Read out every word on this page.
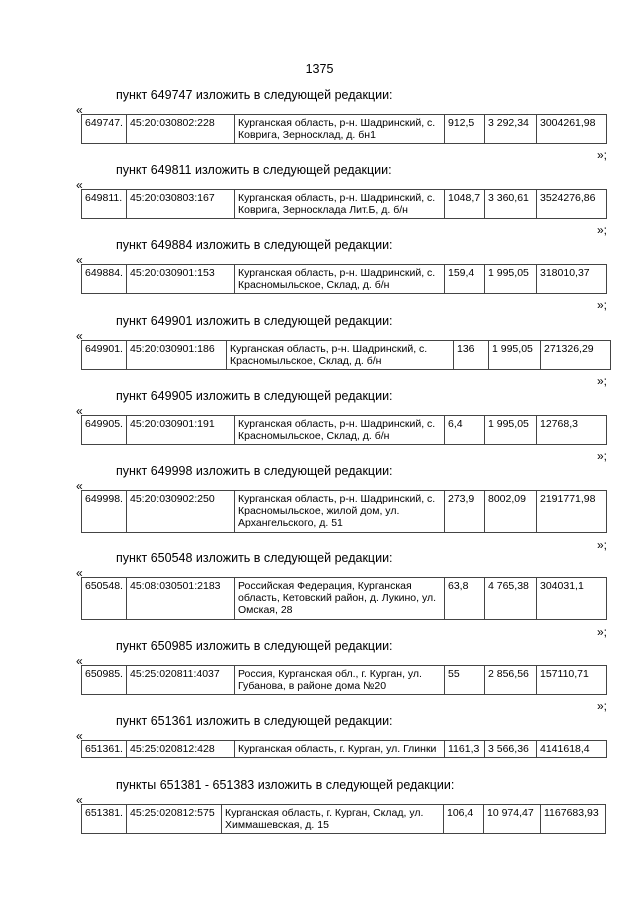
1375
пункт 649747 изложить в следующей редакции:
«
649747.	45:20:030802:228	Курганская область, р-н. Шадринский, с. Ковригa, Зерносклад, д. бн1	912,5	3 292,34	3004261,98
»;
пункт 649811 изложить в следующей редакции:
«
649811.	45:20:030803:167	Курганская область, р-н. Шадринский, с. Ковригa, Зерносклада Лит.Б, д. б/н	1048,7	3 360,61	3524276,86
»;
пункт 649884 изложить в следующей редакции:
«
649884.	45:20:030901:153	Курганская область, р-н. Шадринский, с. Красномыльское, Склад, д. б/н	159,4	1 995,05	318010,37
»;
пункт 649901 изложить в следующей редакции:
«
649901.	45:20:030901:186	Курганская область, р-н. Шадринский, с. Красномыльское, Склад, д. б/н	136	1 995,05	271326,29
»;
пункт 649905 изложить в следующей редакции:
«
649905.	45:20:030901:191	Курганская область, р-н. Шадринский, с. Красномыльское, Склад, д. б/н	6,4	1 995,05	12768,3
»;
пункт 649998 изложить в следующей редакции:
«
649998.	45:20:030902:250	Курганская область, р-н. Шадринский, с. Красномыльское, жилой дом, ул. Архангельского, д. 51	273,9	8002,09	2191771,98
»;
пункт 650548 изложить в следующей редакции:
«
650548.	45:08:030501:2183	Российская Федерация, Курганская область, Кетовский район, д. Лукино, ул. Омская, 28	63,8	4 765,38	304031,1
»;
пункт 650985 изложить в следующей редакции:
«
650985.	45:25:020811:4037	Россия, Курганская обл., г. Курган, ул. Губанова, в районе дома №20	55	2 856,56	157110,71
»;
пункт 651361 изложить в следующей редакции:
«
651361.	45:25:020812:428	Курганская область, г. Курган, ул. Глинки	1161,3	3 566,36	4141618,4
пункты 651381 - 651383 изложить в следующей редакции:
«
651381.	45:25:020812:575	Курганская область, г. Курган, Склад, ул. Химмашевская, д. 15	106,4	10 974,47	1167683,93
